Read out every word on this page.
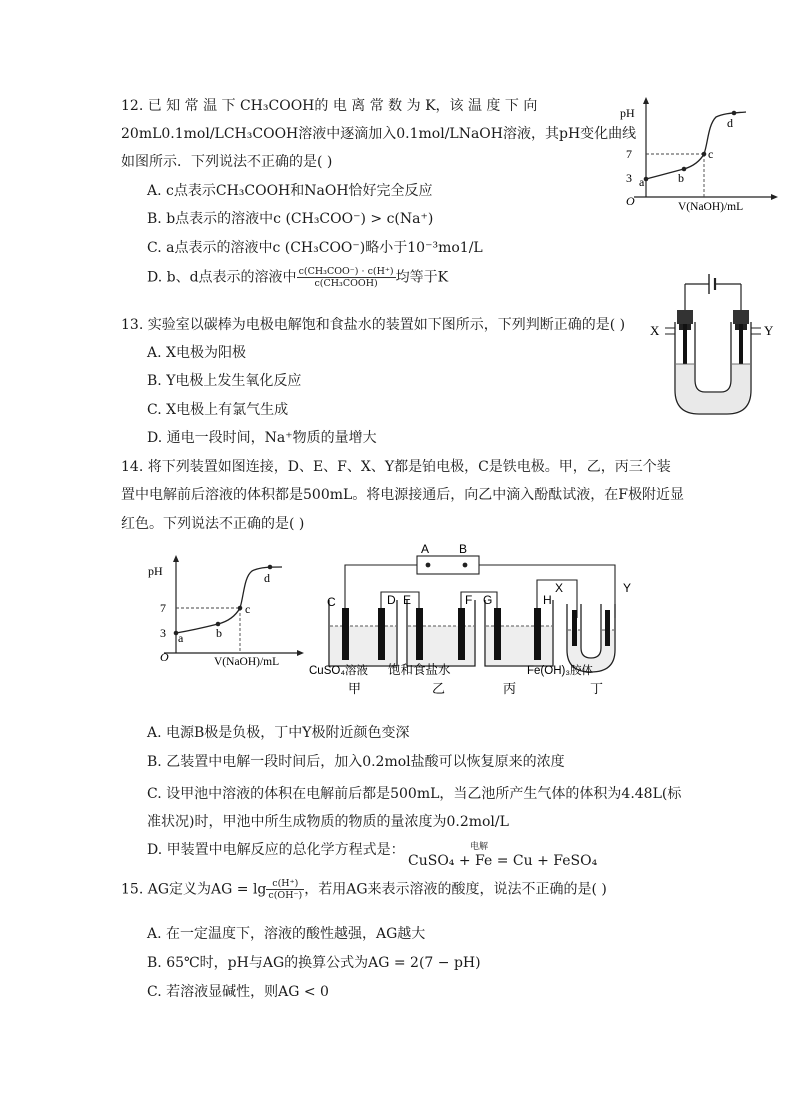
12. 已 知 常 温 下 CH₃COOH的 电 离 常 数 为 K，该 温 度 下 向
20mL0.1mol/LCH₃COOH溶液中逐滴加入0.1mol/LNaOH溶液，其pH变化曲线
如图所示．下列说法不正确的是( )
A. c点表示CH₃COOH和NaOH恰好完全反应
B. b点表示的溶液中c (CH₃COO⁻) > c(Na⁺)
C. a点表示的溶液中c (CH₃COO⁻)略小于10⁻³mo1/L
D. b、d点表示的溶液中 $\frac{\text{c(CH₃COO⁻) · c(H⁺)}}{\text{c(CH₃COOH)}}$ 均等于K
pH
O	V(NaOH)/mL
7
3 a	b
c
d
13. 实验室以碳棒为电极电解饱和食盐水的装置如下图所示，下列判断正确的是( )
A. X电极为阳极
B. Y电极上发生氧化反应
C. X电极上有氯气生成
D. 通电一段时间，Na⁺物质的量增大
X	Y
14. 将下列装置如图连接，D、E、F、X、Y都是铂电极，C是铁电极。甲，乙，丙三个装
置中电解前后溶液的体积都是500mL。将电源接通后，向乙中滴入酚酞试液，在F极附近显
红色。下列说法不正确的是( )
pH
O	V(NaOH)/mL
7
3 a	b
c
d
A B
C	D E	F G	H
X	Y
CuSO₄溶液 饱和食盐水	Fe(OH)₃胶体
甲	乙	丙	丁
A. 电源B极是负极，丁中Y极附近颜色变深
B. 乙装置中电解一段时间后，加入0.2mol盐酸可以恢复原来的浓度
C. 设甲池中溶液的体积在电解前后都是500mL，当乙池所产生气体的体积为4.48L(标
准状况)时，甲池中所生成物质的物质的量浓度为0.2mol/L
D. 甲装置中电解反应的总化学方程式是：	电解
CuSO₄ + Fe = Cu + FeSO₄
15. AG定义为AG = $\lg \frac{c(H^+)}{c(OH^-)}$ ，若用AG来表示溶液的酸度，说法不正确的是( )
A. 在一定温度下，溶液的酸性越强，AG越大
B. 65℃时，pH与AG的换算公式为AG = 2(7 − pH)
C. 若溶液显碱性，则AG < 0
